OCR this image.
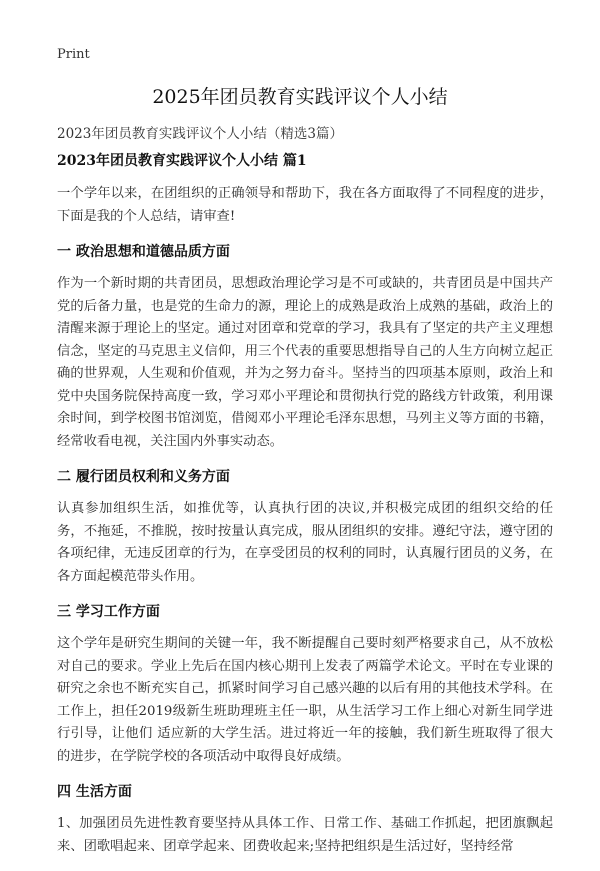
Print
2025年团员教育实践评议个人小结
2023年团员教育实践评议个人小结（精选3篇）
2023年团员教育实践评议个人小结 篇1

一个学年以来，在团组织的正确领导和帮助下，我在各方面取得了不同程度的进步，下面是我的个人总结，请审查!

一 政治思想和道德品质方面

作为一个新时期的共青团员，思想政治理论学习是不可或缺的，共青团员是中国共产党的后备力量，也是党的生命力的源，理论上的成熟是政治上成熟的基础，政治上的清醒来源于理论上的坚定。通过对团章和党章的学习，我具有了坚定的共产主义理想信念，坚定的马克思主义信仰，用三个代表的重要思想指导自己的人生方向树立起正确的世界观，人生观和价值观，并为之努力奋斗。坚持当的四项基本原则，政治上和党中央国务院保持高度一致，学习邓小平理论和贯彻执行党的路线方针政策，利用课余时间，到学校图书馆浏览，借阅邓小平理论毛泽东思想，马列主义等方面的书籍，经常收看电视，关注国内外事实动态。

二 履行团员权利和义务方面

认真参加组织生活，如推优等，认真执行团的决议,并积极完成团的组织交给的任务，不拖延，不推脱，按时按量认真完成，服从团组织的安排。遵纪守法，遵守团的各项纪律，无违反团章的行为，在享受团员的权利的同时，认真履行团员的义务，在各方面起模范带头作用。

三 学习工作方面

这个学年是研究生期间的关键一年，我不断提醒自己要时刻严格要求自己，从不放松对自己的要求。学业上先后在国内核心期刊上发表了两篇学术论文。平时在专业课的研究之余也不断充实自己，抓紧时间学习自己感兴趣的以后有用的其他技术学科。在工作上，担任2019级新生班助理班主任一职，从生活学习工作上细心对新生同学进行引导，让他们 适应新的大学生活。进过将近一年的接触，我们新生班取得了很大的进步，在学院学校的各项活动中取得良好成绩。

四 生活方面

1、加强团员先进性教育要坚持从具体工作、日常工作、基础工作抓起，把团旗飘起来、团歌唱起来、团章学起来、团费收起来;坚持把组织是生活过好，坚持经常
